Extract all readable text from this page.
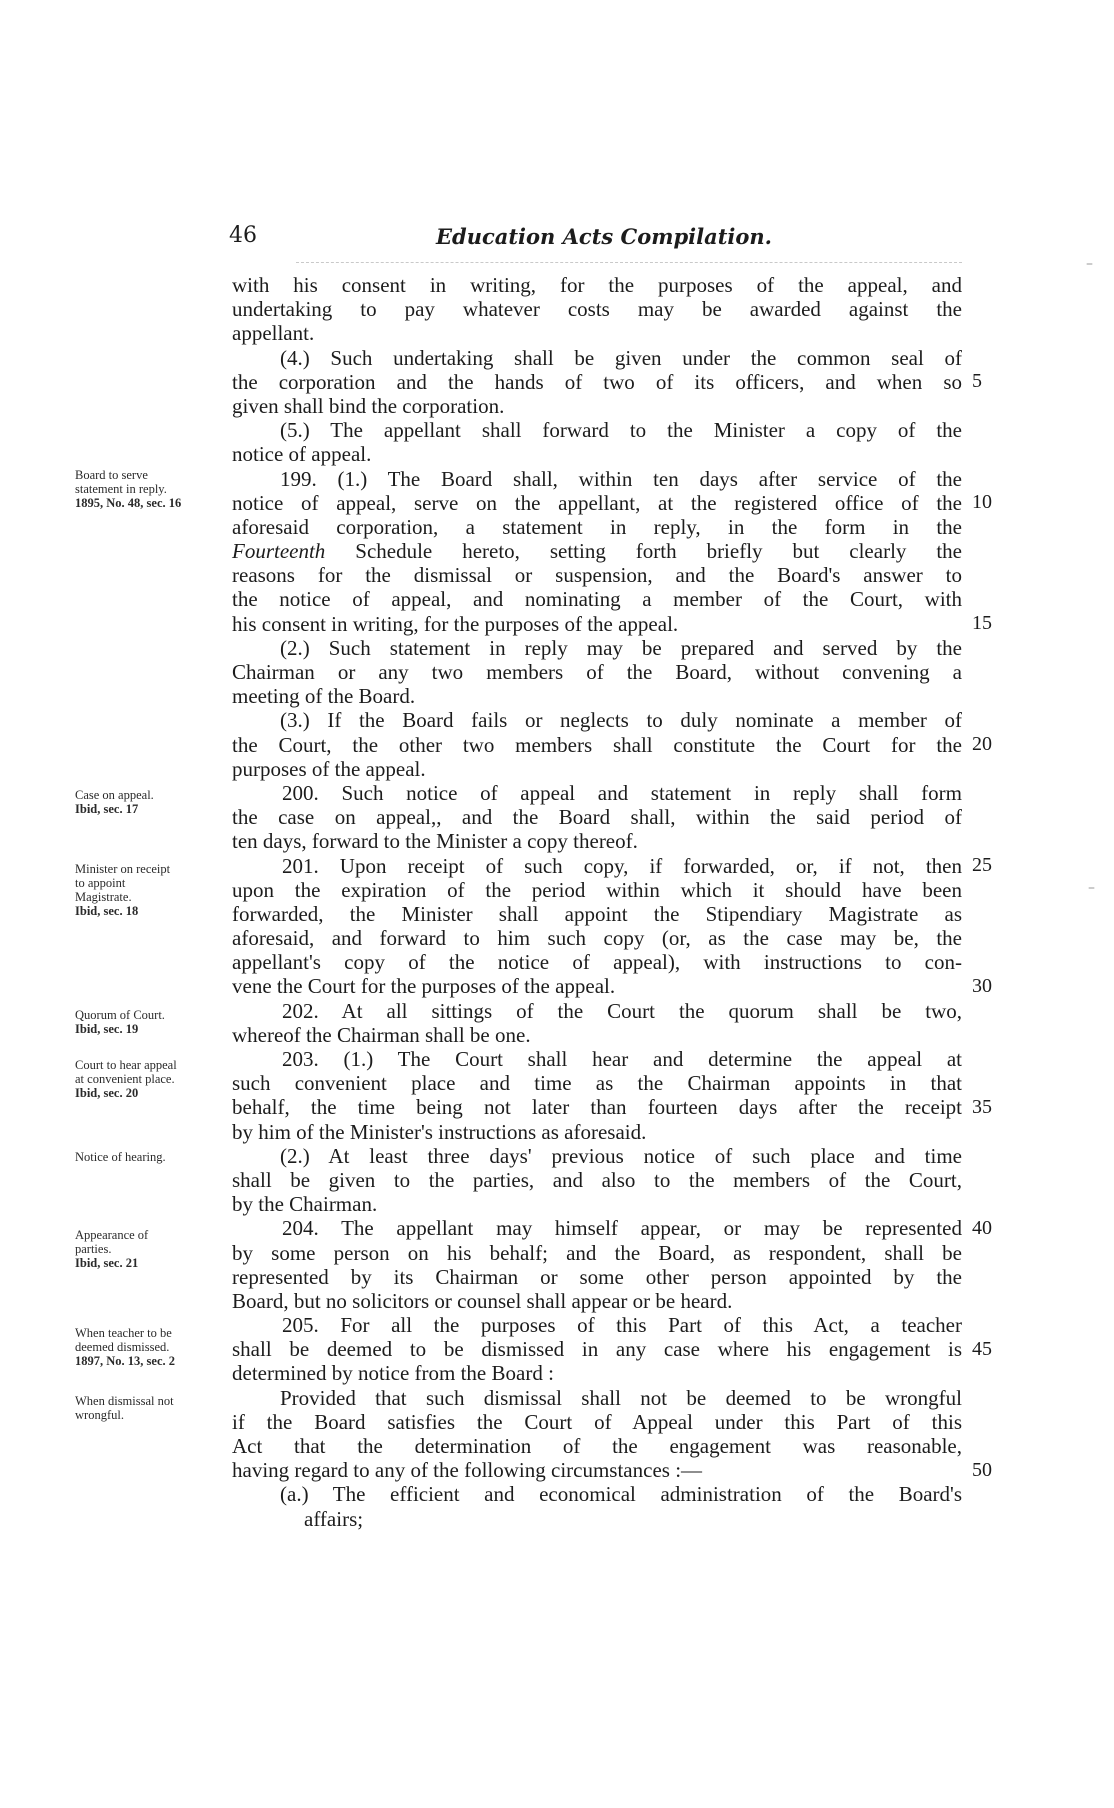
46	Education Acts Compilation.
with his consent in writing, for the purposes of the appeal, and
undertaking to pay whatever costs may be awarded against the
appellant.
(4.) Such undertaking shall be given under the common seal of
the corporation and the hands of two of its officers, and when so
given shall bind the corporation.
(5.) The appellant shall forward to the Minister a copy of the
notice of appeal.
199. (1.) The Board shall, within ten days after service of the
notice of appeal, serve on the appellant, at the registered office of the
aforesaid corporation, a statement in reply, in the form in the
Fourteenth Schedule hereto, setting forth briefly but clearly the
reasons for the dismissal or suspension, and the Board's answer to
the notice of appeal, and nominating a member of the Court, with
his consent in writing, for the purposes of the appeal.
(2.) Such statement in reply may be prepared and served by the
Chairman or any two members of the Board, without convening a
meeting of the Board.
(3.) If the Board fails or neglects to duly nominate a member of
the Court, the other two members shall constitute the Court for the
purposes of the appeal.
200. Such notice of appeal and statement in reply shall form
the case on appeal,, and the Board shall, within the said period of
ten days, forward to the Minister a copy thereof.
201. Upon receipt of such copy, if forwarded, or, if not, then
upon the expiration of the period within which it should have been
forwarded, the Minister shall appoint the Stipendiary Magistrate as
aforesaid, and forward to him such copy (or, as the case may be, the
appellant's copy of the notice of appeal), with instructions to con-
vene the Court for the purposes of the appeal.
202. At all sittings of the Court the quorum shall be two,
whereof the Chairman shall be one.
203. (1.) The Court shall hear and determine the appeal at
such convenient place and time as the Chairman appoints in that
behalf, the time being not later than fourteen days after the receipt
by him of the Minister's instructions as aforesaid.
(2.) At least three days' previous notice of such place and time
shall be given to the parties, and also to the members of the Court,
by the Chairman.
204. The appellant may himself appear, or may be represented
by some person on his behalf; and the Board, as respondent, shall be
represented by its Chairman or some other person appointed by the
Board, but no solicitors or counsel shall appear or be heard.
205. For all the purposes of this Part of this Act, a teacher
shall be deemed to be dismissed in any case where his engagement is
determined by notice from the Board :
Provided that such dismissal shall not be deemed to be wrongful
if the Board satisfies the Court of Appeal under this Part of this
Act that the determination of the engagement was reasonable,
having regard to any of the following circumstances :—
(a.) The efficient and economical administration of the Board's
affairs;
5
10
15
20
25
30
35
40
45
50
Board to serve
statement in reply.
1895, No. 48, sec. 16
Case on appeal.
Ibid, sec. 17
Minister on receipt
to appoint
Magistrate.
Ibid, sec. 18
Quorum of Court.
Ibid, sec. 19
Court to hear appeal
at convenient place.
Ibid, sec. 20
Notice of hearing.
Appearance of
parties.
Ibid, sec. 21
When teacher to be
deemed dismissed.
1897, No. 13, sec. 2
When dismissal not
wrongful.
–
–
